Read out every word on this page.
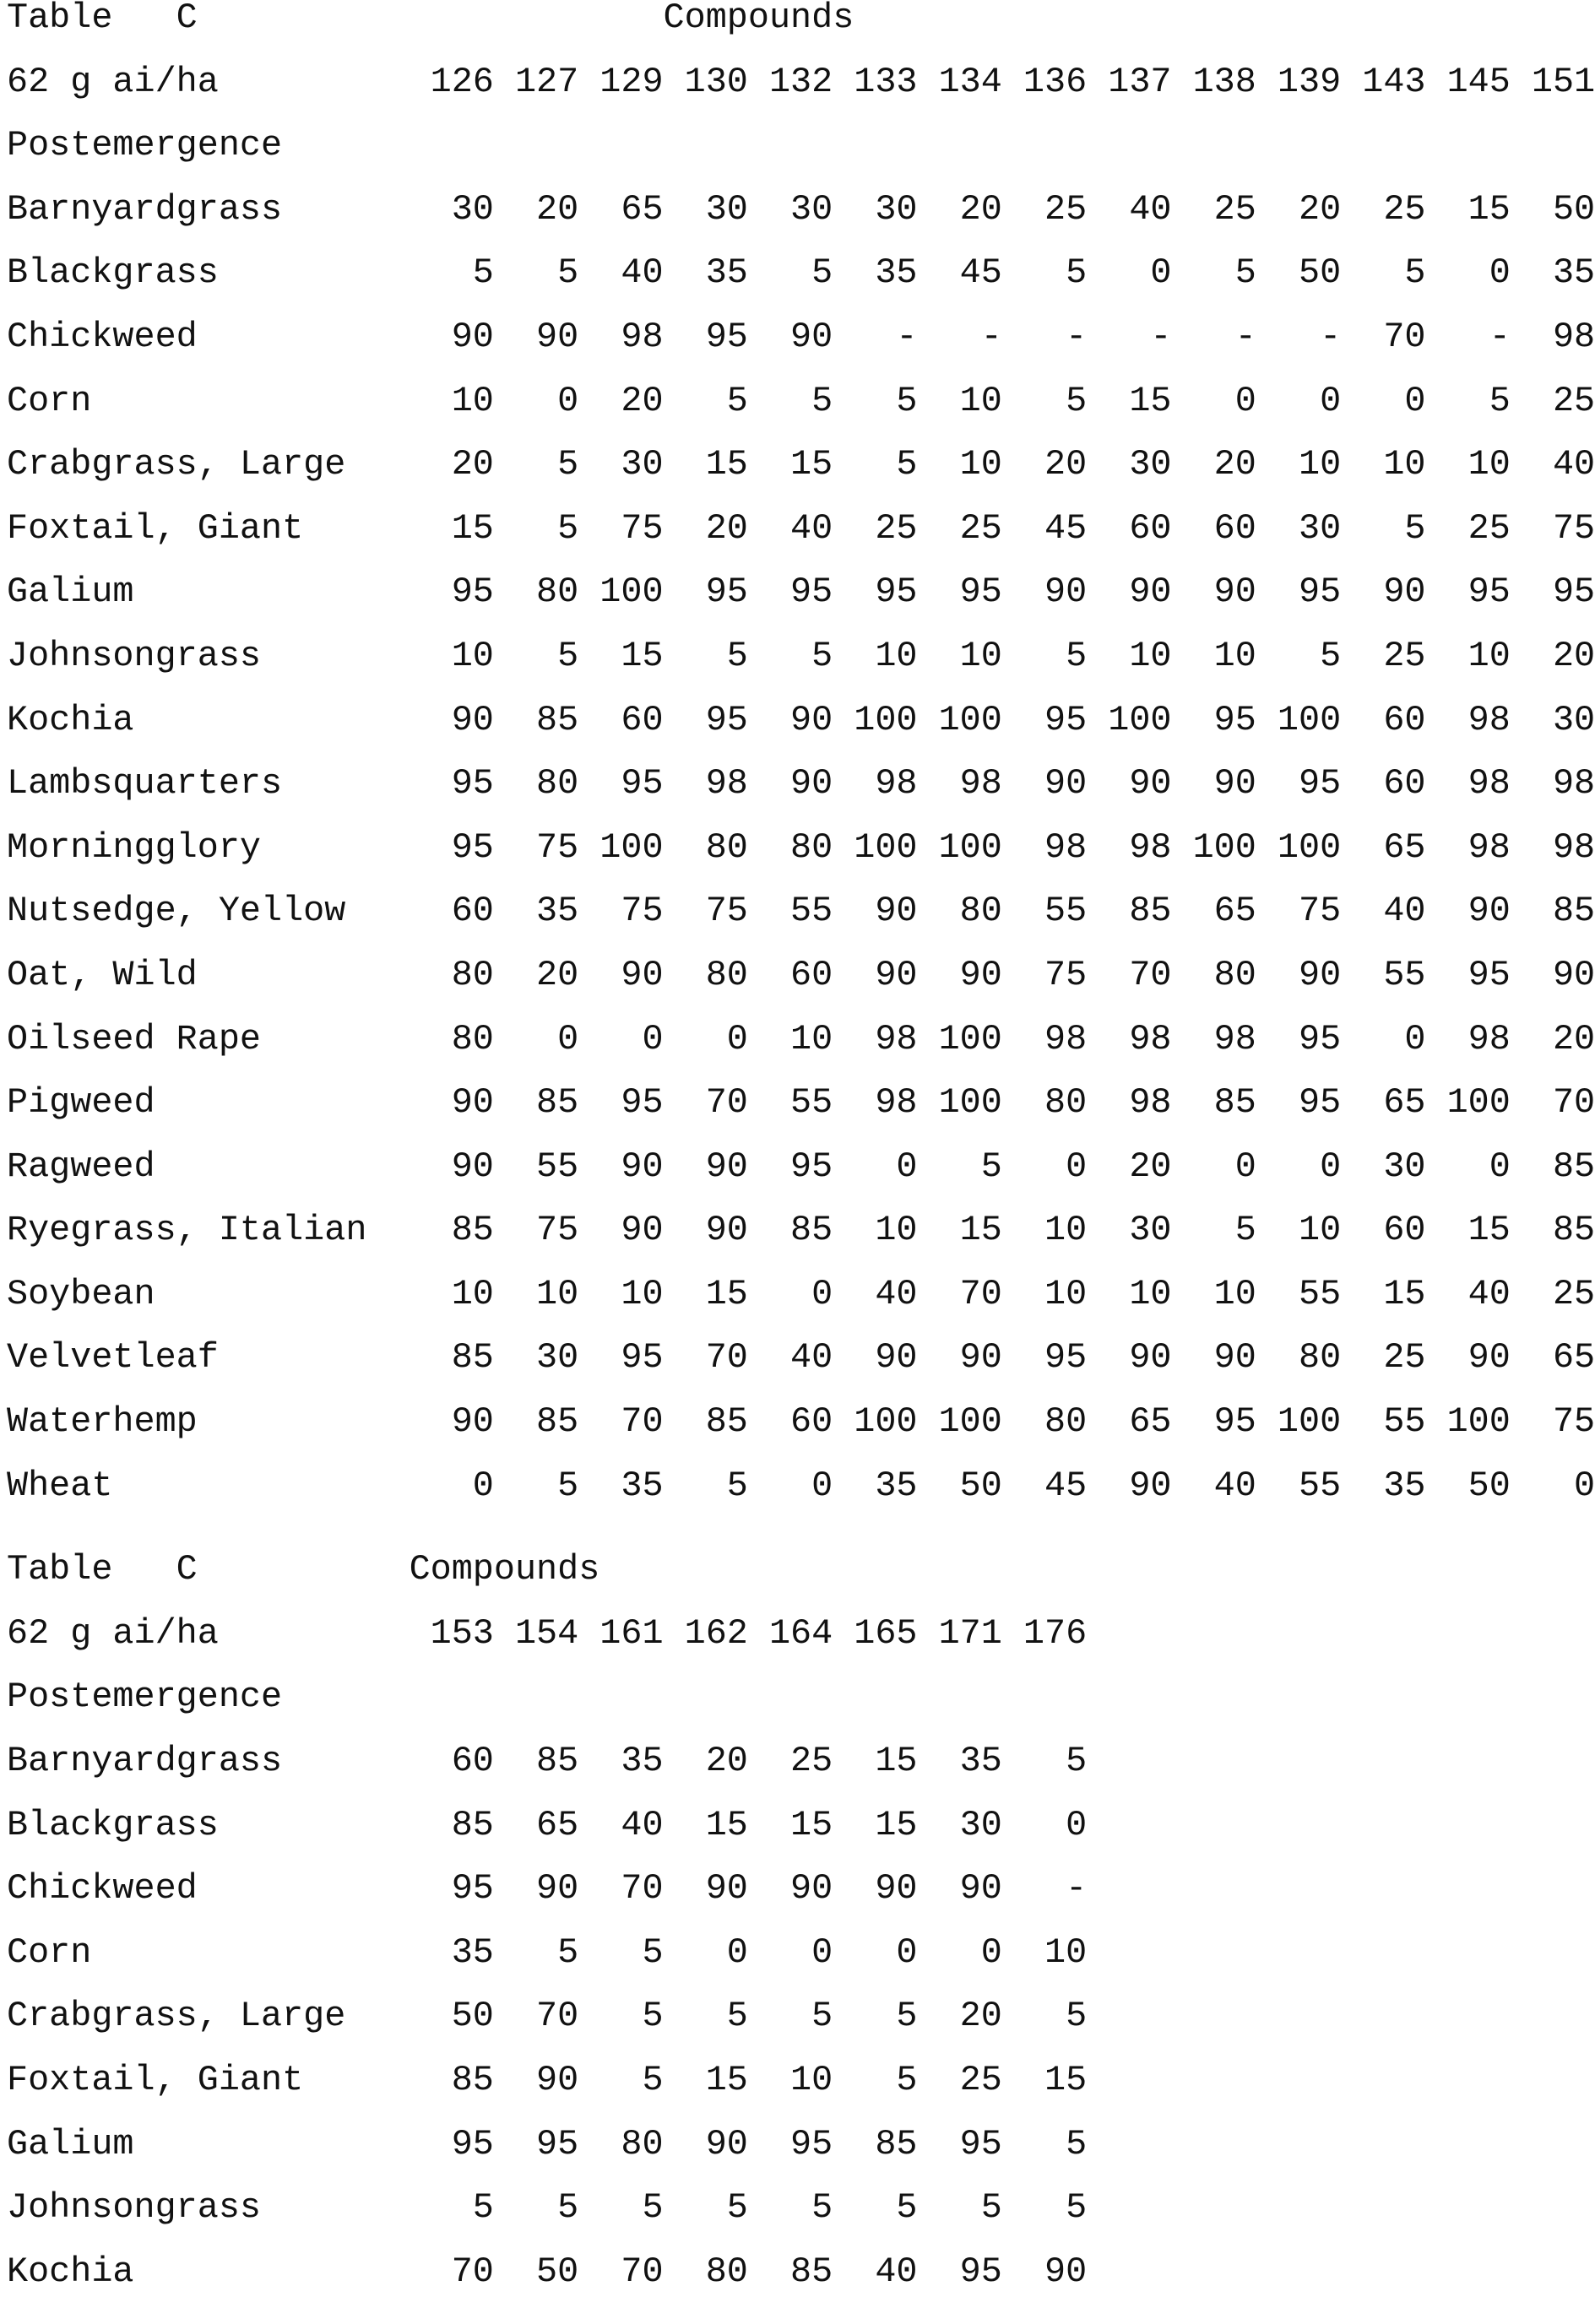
Table C	Compounds
62 g ai/ha	126 127 129 130 132 133 134 136 137 138 139 143 145 151
Postemergence
Barnyardgrass	30	20	65	30	30	30	20	25	40	25	20	25	15	50
Blackgrass	5	5	40	35	5	35	45	5	0	5	50	5	0	35
Chickweed	90	90	98	95	90	-	-	-	-	-	-	70	-	98
Corn	10	0	20	5	5	5	10	5	15	0	0	0	5	25
Crabgrass, Large	20	5	30	15	15	5	10	20	30	20	10	10	10	40
Foxtail, Giant	15	5	75	20	40	25	25	45	60	60	30	5	25	75
Galium	95	80 100	95	95	95	95	90	90	90	95	90	95	95
Johnsongrass	10	5	15	5	5	10	10	5	10	10	5	25	10	20
Kochia	90	85	60	95	90 100 100	95 100	95 100	60	98	30
Lambsquarters	95	80	95	98	90	98	98	90	90	90	95	60	98	98
Morningglory	95	75 100	80	80 100 100	98	98 100 100	65	98	98
Nutsedge, Yellow	60	35	75	75	55	90	80	55	85	65	75	40	90	85
Oat, Wild	80	20	90	80	60	90	90	75	70	80	90	55	95	90
Oilseed Rape	80	0	0	0	10	98 100	98	98	98	95	0	98	20
Pigweed	90	85	95	70	55	98 100	80	98	85	95	65 100	70
Ragweed	90	55	90	90	95	0	5	0	20	0	0	30	0	85
Ryegrass, Italian	85	75	90	90	85	10	15	10	30	5	10	60	15	85
Soybean	10	10	10	15	0	40	70	10	10	10	55	15	40	25
Velvetleaf	85	30	95	70	40	90	90	95	90	90	80	25	90	65
Waterhemp	90	85	70	85	60 100 100	80	65	95 100	55 100	75
Wheat	0	5	35	5	0	35	50	45	90	40	55	35	50	0
Table C	Compounds
62 g ai/ha	153 154 161 162 164 165 171 176
Postemergence
Barnyardgrass	60	85	35	20	25	15	35	5
Blackgrass	85	65	40	15	15	15	30	0
Chickweed	95	90	70	90	90	90	90	-
Corn	35	5	5	0	0	0	0	10
Crabgrass, Large	50	70	5	5	5	5	20	5
Foxtail, Giant	85	90	5	15	10	5	25	15
Galium	95	95	80	90	95	85	95	5
Johnsongrass	5	5	5	5	5	5	5	5
Kochia	70	50	70	80	85	40	95	90
